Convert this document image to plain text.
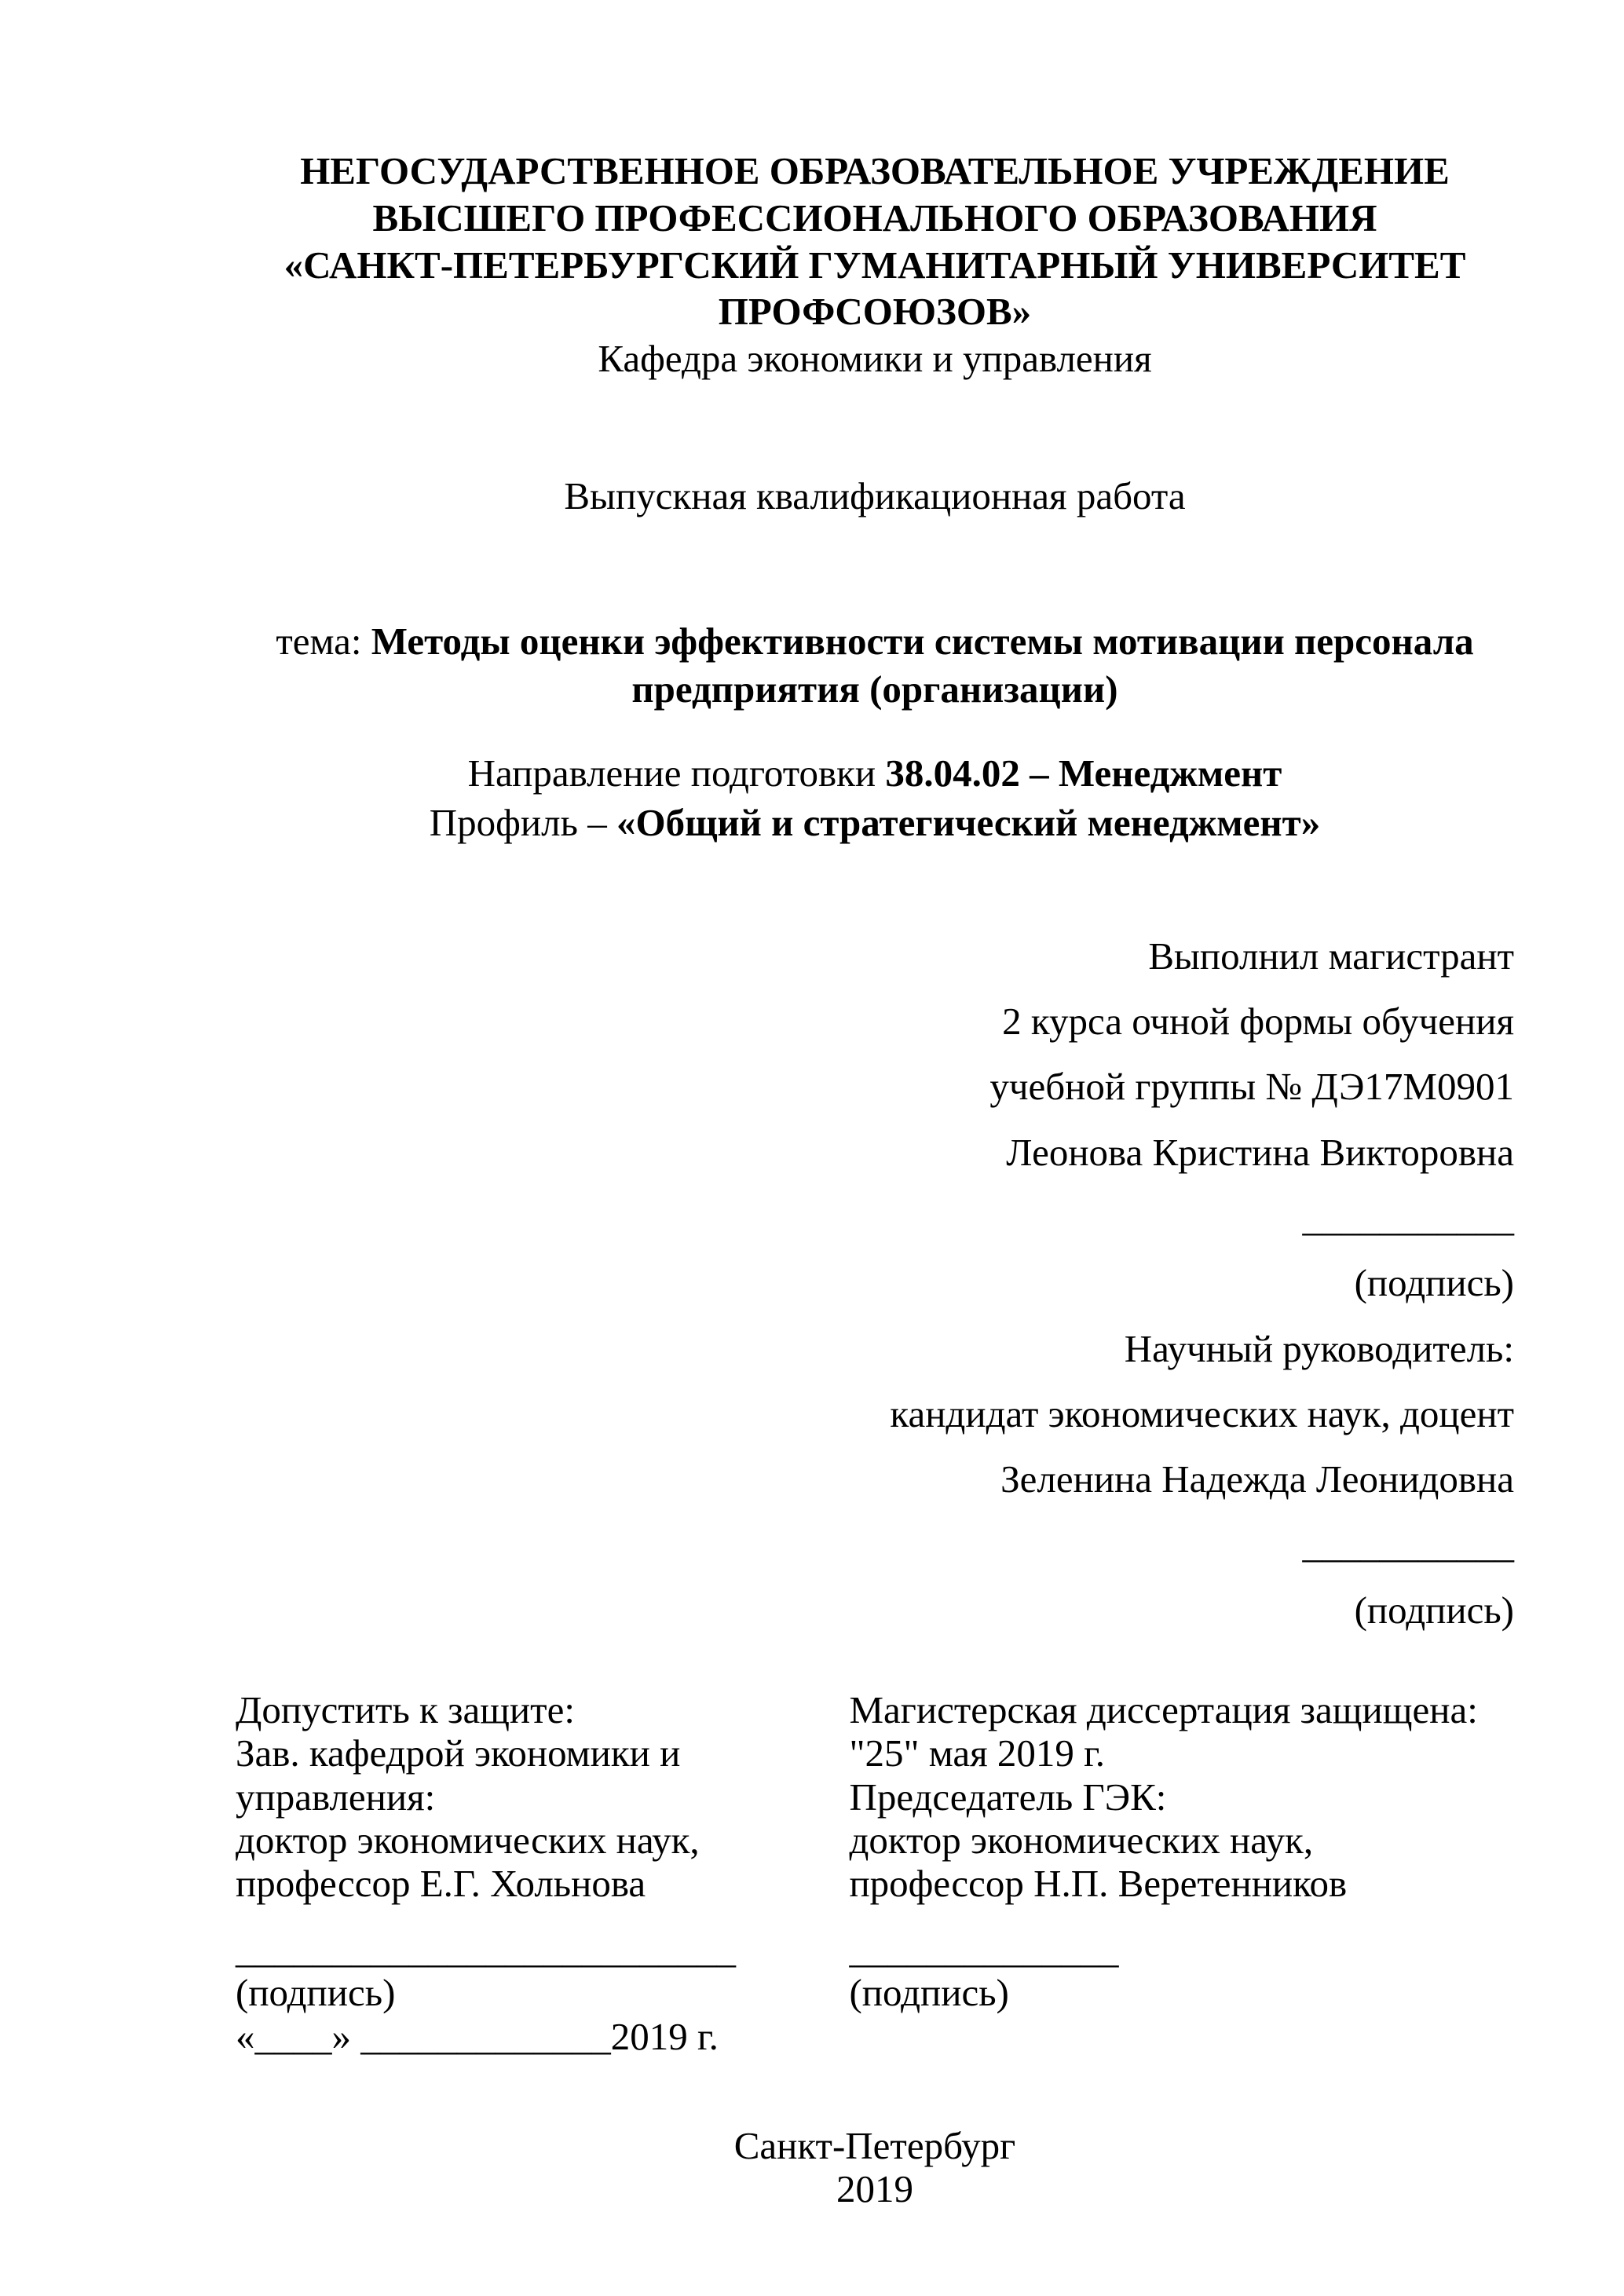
НЕГОСУДАРСТВЕННОЕ ОБРАЗОВАТЕЛЬНОЕ УЧРЕЖДЕНИЕ
ВЫСШЕГО ПРОФЕССИОНАЛЬНОГО ОБРАЗОВАНИЯ
«САНКТ-ПЕТЕРБУРГСКИЙ ГУМАНИТАРНЫЙ УНИВЕРСИТЕТ
ПРОФСОЮЗОВ»
Кафедра экономики и управления

Выпускная квалификационная работа

тема: Методы оценки эффективности системы мотивации персонала предприятия (организации)

Направление подготовки 38.04.02 – Менеджмент

Профиль – «Общий и стратегический менеджмент»

Выполнил магистрант

2 курса очной формы обучения

учебной группы № ДЭ17М0901

Леонова Кристина Викторовна

___________

(подпись)

Научный руководитель:

кандидат экономических наук, доцент

Зеленина Надежда Леонидовна

___________

(подпись)

Допустить к защите:

Зав. кафедрой экономики и

управления:

доктор экономических наук,

профессор Е.Г. Хольнова

__________________________

(подпись)

«____» _____________2019 г.

Магистерская диссертация защищена:

"25" мая 2019 г.

Председатель ГЭК:

доктор экономических наук,

профессор Н.П. Веретенников

______________

(подпись)

Санкт-Петербург

2019
